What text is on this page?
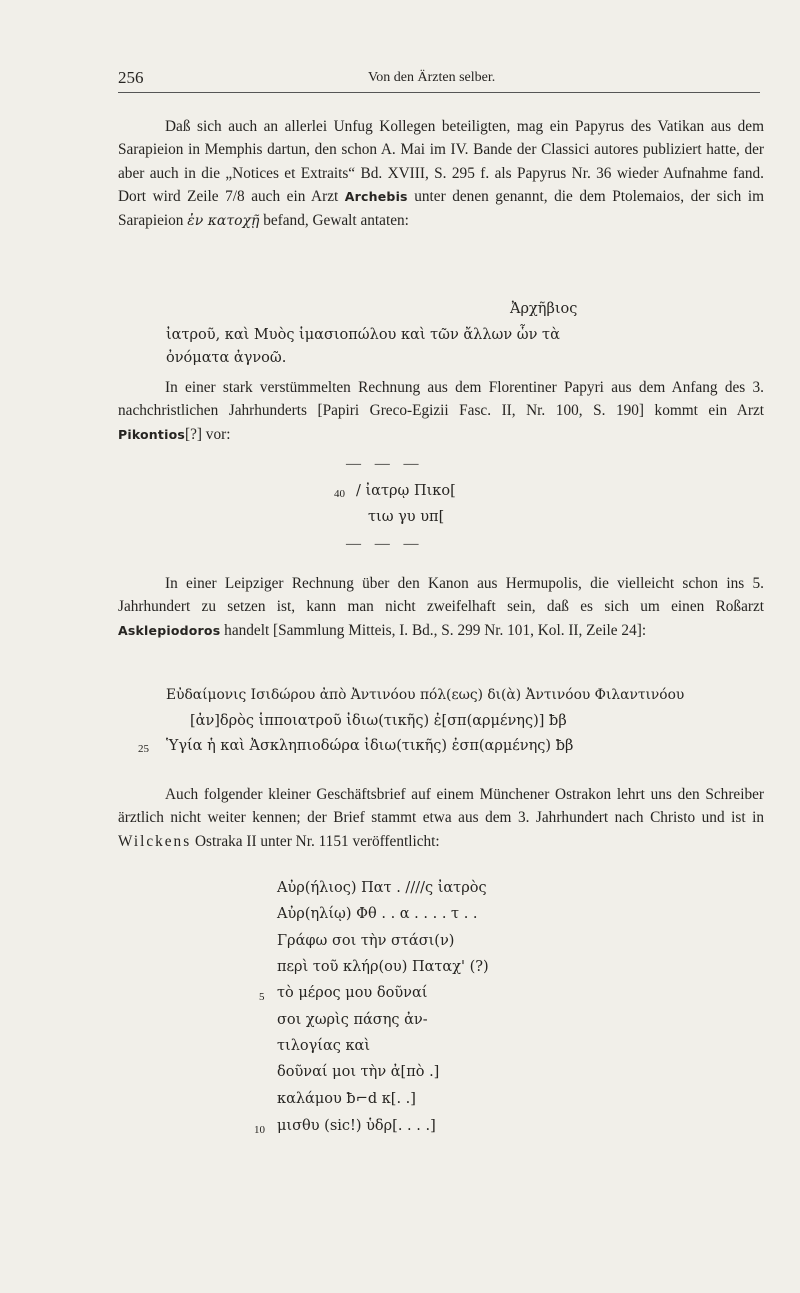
256	Von den Ärzten selber.

Daß sich auch an allerlei Unfug Kollegen beteiligten, mag ein Papyrus des Vatikan aus dem Sarapieion in Memphis dartun, den schon A. Mai im IV. Bande der Classici autores publiziert hatte, der aber auch in die „Notices et Extraits“ Bd. XVIII, S. 295 f. als Papyrus Nr. 36 wieder Aufnahme fand. Dort wird Zeile 7/8 auch ein Arzt Archebis unter denen genannt, die dem Ptolemaios, der sich im Sarapieion ἐν κατοχῇ befand, Gewalt antaten:

Ἀρχῆβιος
ἰατροῦ, καὶ Μυὸς ἱμασιοπώλου καὶ τῶν ἄλλων ὧν τὰ
ὀνόματα ἀγνοῶ.

In einer stark verstümmelten Rechnung aus dem Florentiner Papyri aus dem Anfang des 3. nachchristlichen Jahrhunderts [Papiri Greco-Egizii Fasc. II, Nr. 100, S. 190] kommt ein Arzt Pikontios[?] vor:

— — —
40 / ἰατρῳ Πικο[
τιω γυ υπ[
— — —

In einer Leipziger Rechnung über den Kanon aus Hermupolis, die vielleicht schon ins 5. Jahrhundert zu setzen ist, kann man nicht zweifelhaft sein, daß es sich um einen Roßarzt Asklepiodoros handelt [Sammlung Mitteis, I. Bd., S. 299 Nr. 101, Kol. II, Zeile 24]:

Εὐδαίμονις Ισιδώρου ἀπὸ Ἀντινόου πόλ(εως) δι(ὰ) Ἀντινόου Φιλαντινόου
[ἀν]δρὸς ἱπποιατροῦ ἰδιω(τικῆς) ἐ[σπ(αρμένης)] ƀβ
25 Ὑγία ἡ καὶ Ἀσκληπιοδώρα ἰδιω(τικῆς) ἐσπ(αρμένης) ƀβ

Auch folgender kleiner Geschäftsbrief auf einem Münchener Ostrakon lehrt uns den Schreiber ärztlich nicht weiter kennen; der Brief stammt etwa aus dem 3. Jahrhundert nach Christo und ist in Wilckens Ostraka II unter Nr. 1151 veröffentlicht:

Αὐρ(ήλιος) Πατ . ////ς ἰατρὸς
Αὐρ(ηλίῳ) Φθ . . α . . . . τ . .
Γράφω σοι τὴν στάσι(ν)
περὶ τοῦ κλήρ(ου) Παταχ' (?)
τὸ μέρος μου δοῦναί
σοι χωρὶς πάσης ἀν-
τιλογίας καὶ
δοῦναί μοι τὴν ἀ[πὸ .]
καλάμου ƀ⌐d κ[. .]
μισθυ (sic!) ὑδρ[. . . .]
5
10
